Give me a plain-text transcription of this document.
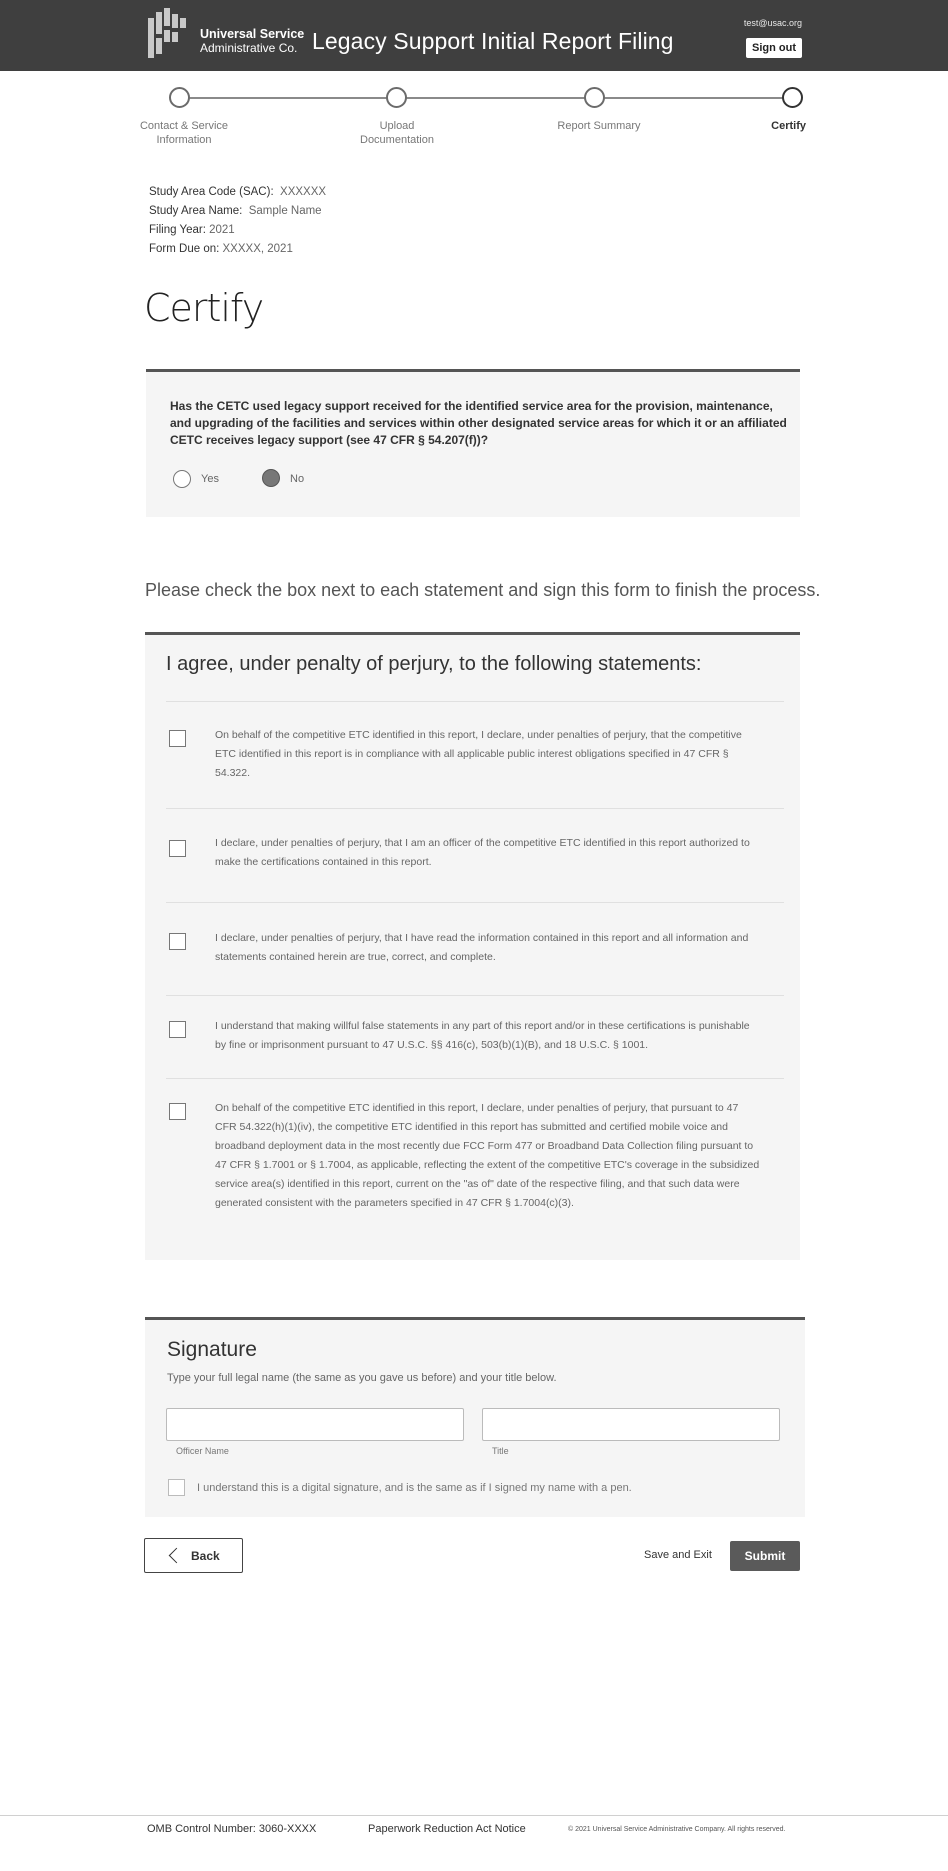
Universal Service
Administrative Co. Legacy Support Initial Report Filing
test@usac.org
Sign out
Contact & Service
Information
Upload
Documentation
Report Summary	Certify
Study Area Code (SAC): XXXXXX
Study Area Name: Sample Name
Filing Year: 2021
Form Due on: XXXXX, 2021
Certify
Has the CETC used legacy support received for the identified service area for the provision, maintenance, and upgrading of the facilities and services within other designated service areas for which it or an affiliated CETC receives legacy support (see 47 CFR § 54.207(f))?
Yes	No
Please check the box next to each statement and sign this form to finish the process.
I agree, under penalty of perjury, to the following statements:
On behalf of the competitive ETC identified in this report, I declare, under penalties of perjury, that the competitive ETC identified in this report is in compliance with all applicable public interest obligations specified in 47 CFR § 54.322.
I declare, under penalties of perjury, that I am an officer of the competitive ETC identified in this report authorized to make the certifications contained in this report.
I declare, under penalties of perjury, that I have read the information contained in this report and all information and statements contained herein are true, correct, and complete.
I understand that making willful false statements in any part of this report and/or in these certifications is punishable by fine or imprisonment pursuant to 47 U.S.C. §§ 416(c), 503(b)(1)(B), and 18 U.S.C. § 1001.
On behalf of the competitive ETC identified in this report, I declare, under penalties of perjury, that pursuant to 47 CFR 54.322(h)(1)(iv), the competitive ETC identified in this report has submitted and certified mobile voice and broadband deployment data in the most recently due FCC Form 477 or Broadband Data Collection filing pursuant to 47 CFR § 1.7001 or § 1.7004, as applicable, reflecting the extent of the competitive ETC's coverage in the subsidized service area(s) identified in this report, current on the "as of" date of the respective filing, and that such data were generated consistent with the parameters specified in 47 CFR § 1.7004(c)(3).
Signature
Type your full legal name (the same as you gave us before) and your title below.
Officer Name	Title
I understand this is a digital signature, and is the same as if I signed my name with a pen.
Back	Save and Exit	Submit
OMB Control Number: 3060-XXXX	Paperwork Reduction Act Notice	© 2021 Universal Service Administrative Company. All rights reserved.
